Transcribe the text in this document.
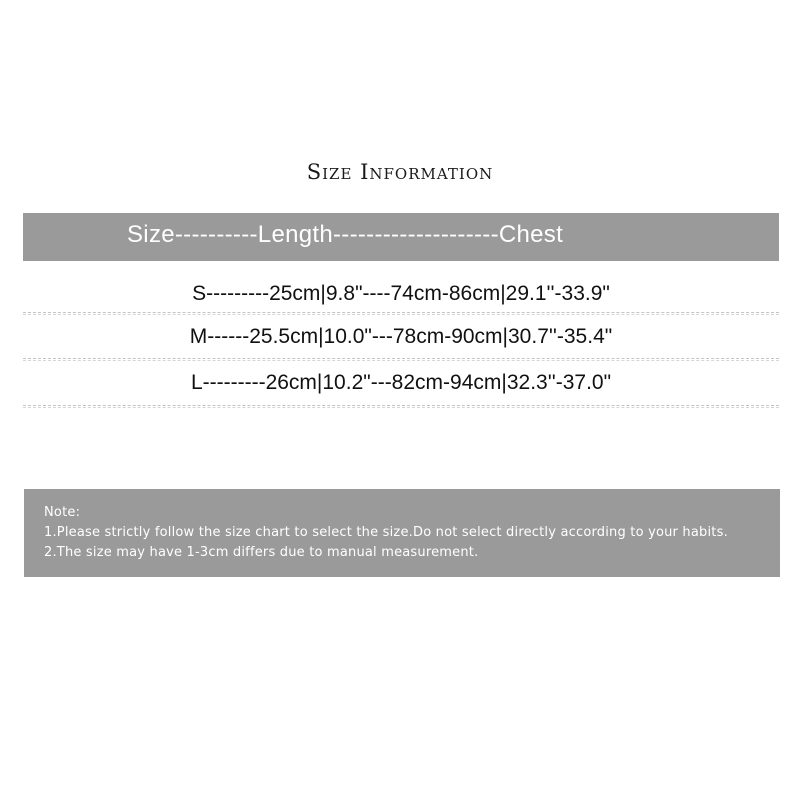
Size Information
Size----------Length--------------------Chest
S---------25cm|9.8"----74cm-86cm|29.1''-33.9"
M------25.5cm|10.0"---78cm-90cm|30.7''-35.4"
L---------26cm|10.2"---82cm-94cm|32.3''-37.0"
Note:
1.Please strictly follow the size chart to select the size.Do not select directly according to your habits.
2.The size may have 1-3cm differs due to manual measurement.
